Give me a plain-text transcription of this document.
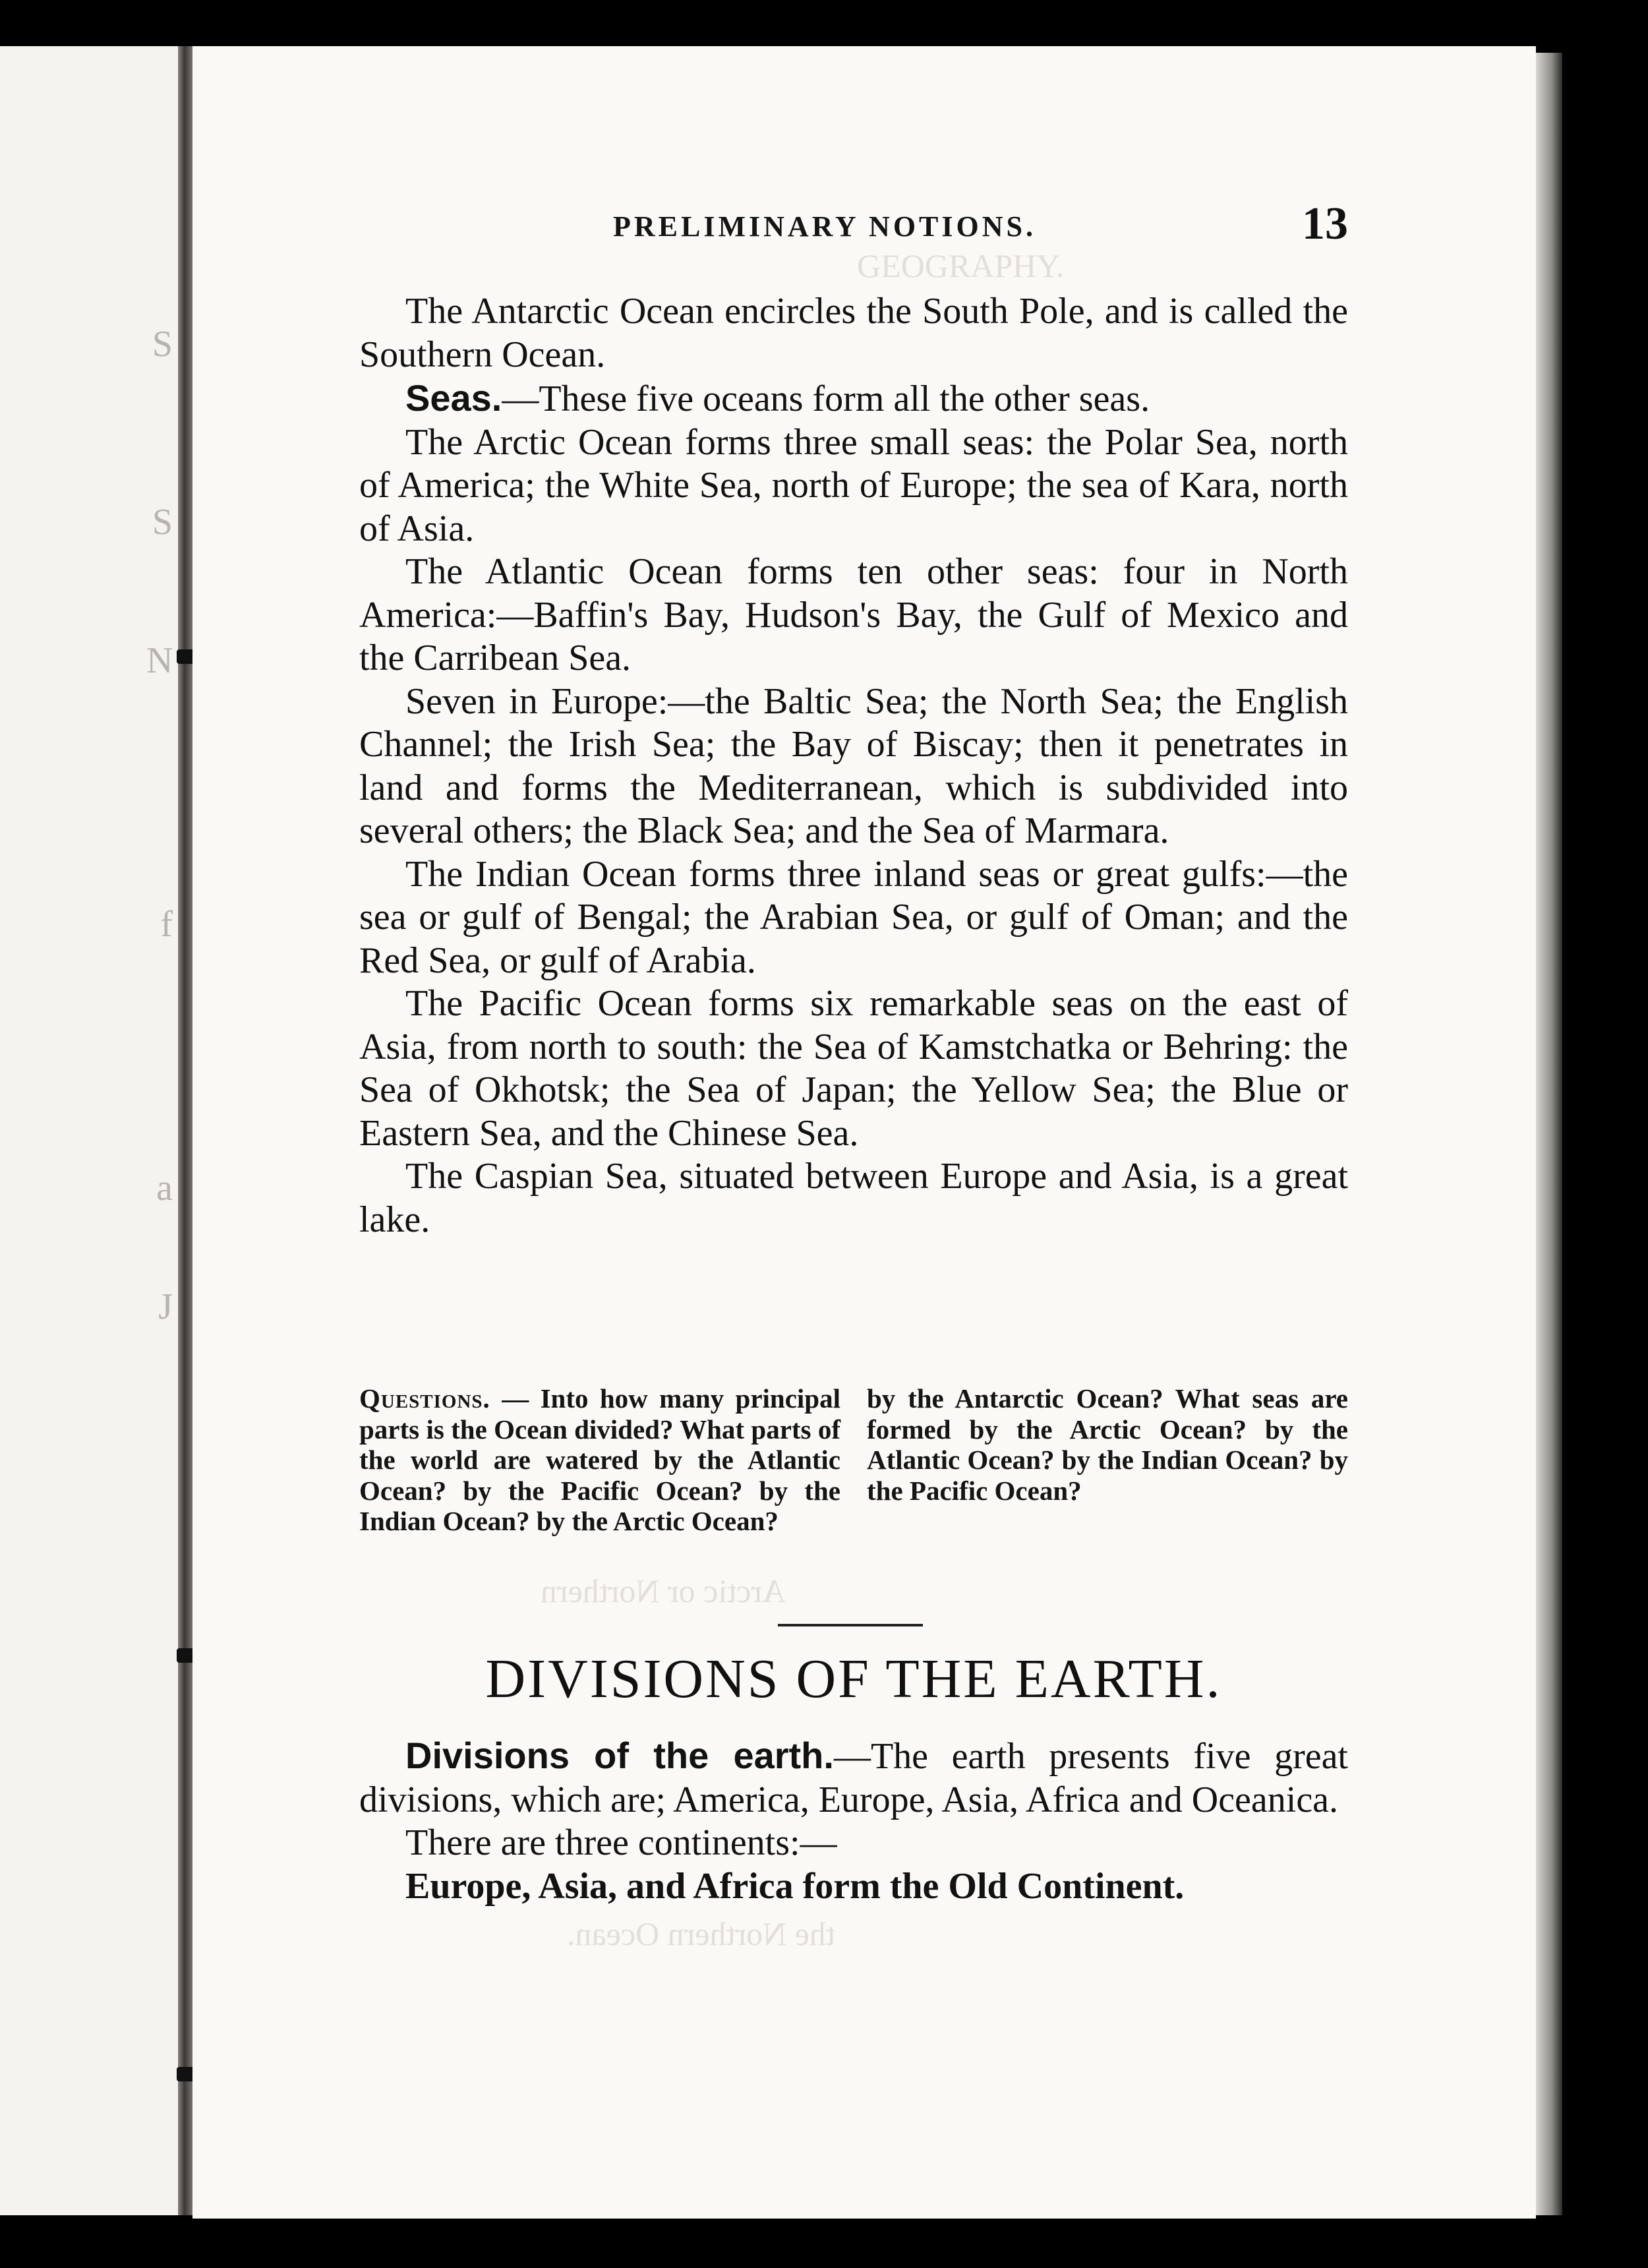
S
S
N
f
a
J
GEOGRAPHY.
Arctic or Northern
the Northern Ocean.
PRELIMINARY NOTIONS.	13

The Antarctic Ocean encircles the South Pole, and is called the Southern Ocean.

Seas.—These five oceans form all the other seas.

The Arctic Ocean forms three small seas: the Polar Sea, north of America; the White Sea, north of Europe; the sea of Kara, north of Asia.

The Atlantic Ocean forms ten other seas: four in North America:—Baffin's Bay, Hudson's Bay, the Gulf of Mexico and the Carribean Sea.

Seven in Europe:—the Baltic Sea; the North Sea; the English Channel; the Irish Sea; the Bay of Biscay; then it penetrates in land and forms the Mediterranean, which is subdivided into several others; the Black Sea; and the Sea of Marmara.

The Indian Ocean forms three inland seas or great gulfs:—the sea or gulf of Bengal; the Arabian Sea, or gulf of Oman; and the Red Sea, or gulf of Arabia.

The Pacific Ocean forms six remarkable seas on the east of Asia, from north to south: the Sea of Kamstchatka or Behring: the Sea of Okhotsk; the Sea of Japan; the Yellow Sea; the Blue or Eastern Sea, and the Chinese Sea.

The Caspian Sea, situated between Europe and Asia, is a great lake.

Questions. — Into how many principal parts is the Ocean divided? What parts of the world are watered by the Atlantic Ocean? by the Pacific Ocean? by the Indian Ocean? by the Arctic Ocean?
by the Antarctic Ocean? What seas are formed by the Arctic Ocean? by the Atlantic Ocean? by the Indian Ocean? by the Pacific Ocean?
DIVISIONS OF THE EARTH.

Divisions of the earth.—The earth presents five great divisions, which are; America, Europe, Asia, Africa and Oceanica.

There are three continents:—

Europe, Asia, and Africa form the Old Continent.
